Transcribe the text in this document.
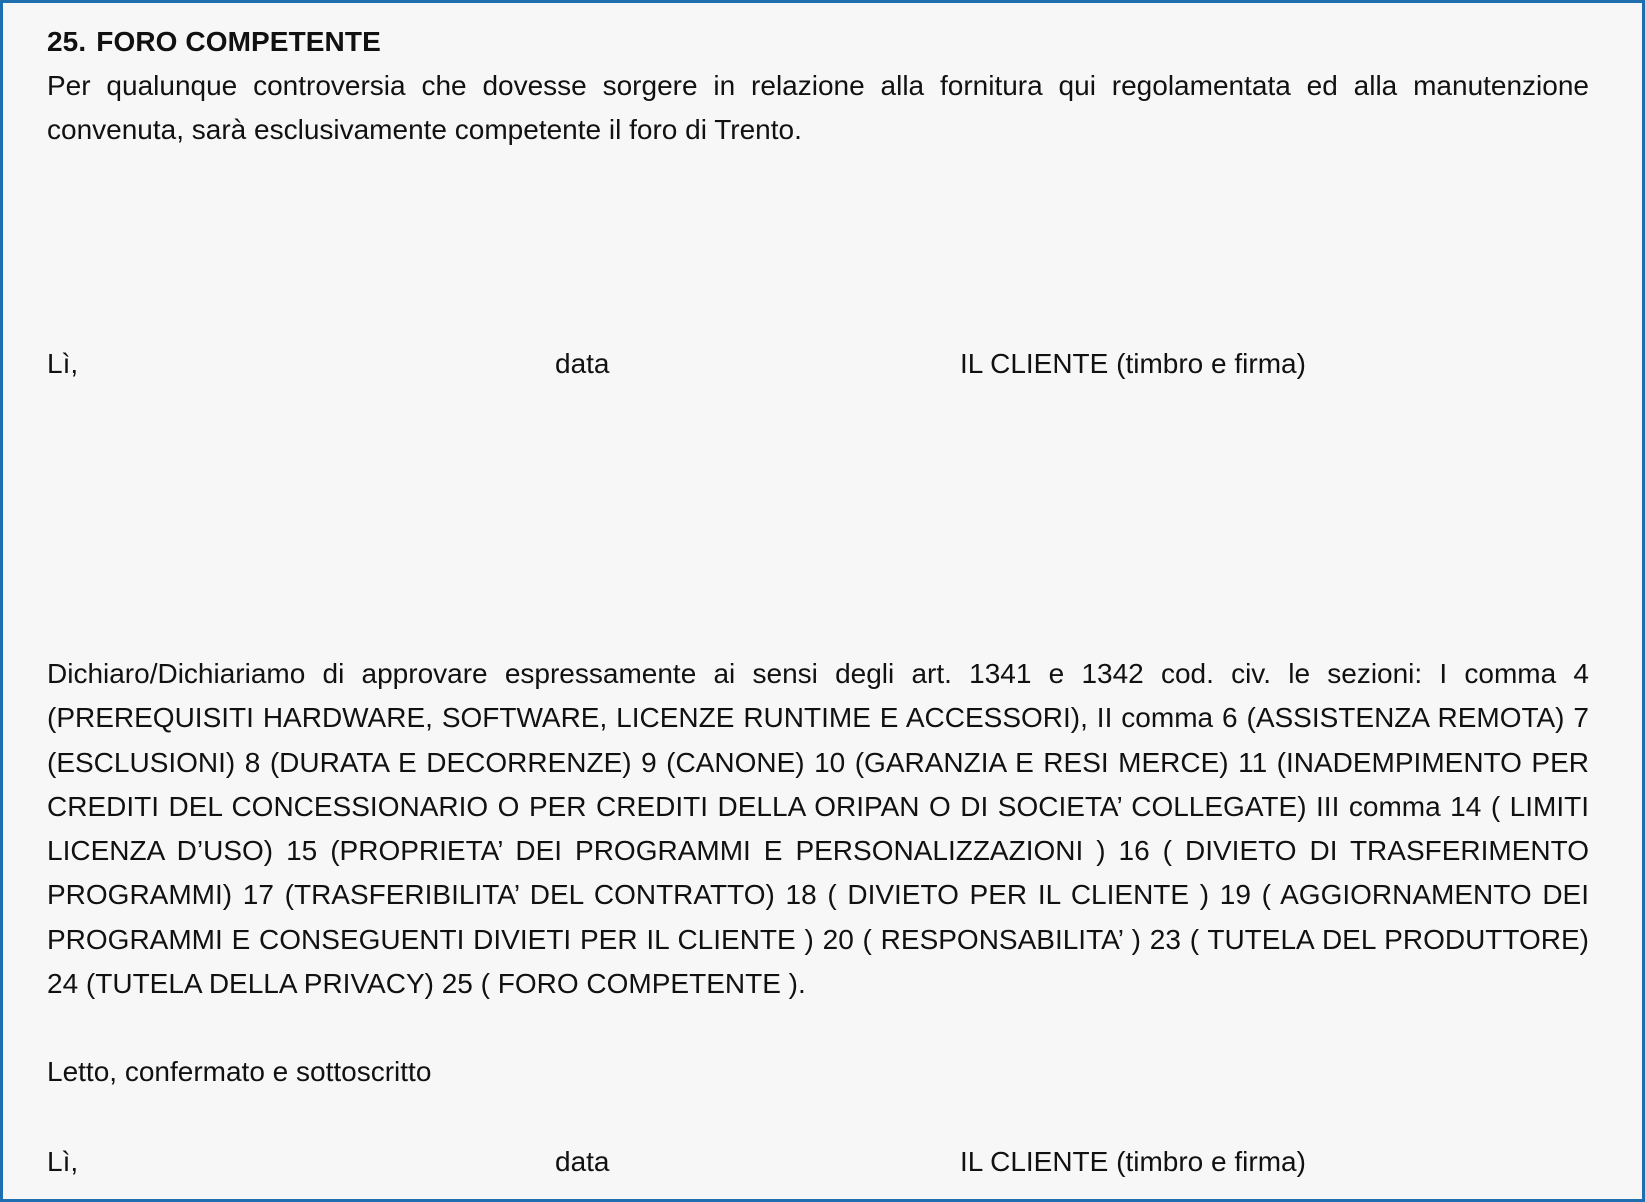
25. FORO COMPETENTE
Per qualunque controversia che dovesse sorgere in relazione alla fornitura qui regolamentata ed alla manutenzione convenuta, sarà esclusivamente competente il foro di Trento.
Lì,	data	IL CLIENTE (timbro e firma)
Dichiaro/Dichiariamo di approvare espressamente ai sensi degli art. 1341 e 1342 cod. civ. le sezioni: I comma 4 (PREREQUISITI HARDWARE, SOFTWARE, LICENZE RUNTIME E ACCESSORI), II comma 6 (ASSISTENZA REMOTA) 7 (ESCLUSIONI) 8 (DURATA E DECORRENZE) 9 (CANONE) 10 (GARANZIA E RESI MERCE) 11 (INADEMPIMENTO PER CREDITI DEL CONCESSIONARIO O PER CREDITI DELLA ORIPAN O DI SOCIETA’ COLLEGATE) III comma 14 ( LIMITI LICENZA D’USO) 15 (PROPRIETA’ DEI PROGRAMMI E PERSONALIZZAZIONI ) 16 ( DIVIETO DI TRASFERIMENTO PROGRAMMI) 17 (TRASFERIBILITA’ DEL CONTRATTO) 18 ( DIVIETO PER IL CLIENTE ) 19 ( AGGIORNAMENTO DEI PROGRAMMI E CONSEGUENTI DIVIETI PER IL CLIENTE ) 20 ( RESPONSABILITA’ ) 23 ( TUTELA DEL PRODUTTORE) 24 (TUTELA DELLA PRIVACY) 25 ( FORO COMPETENTE ).
Letto, confermato e sottoscritto
Lì,	data	IL CLIENTE (timbro e firma)
